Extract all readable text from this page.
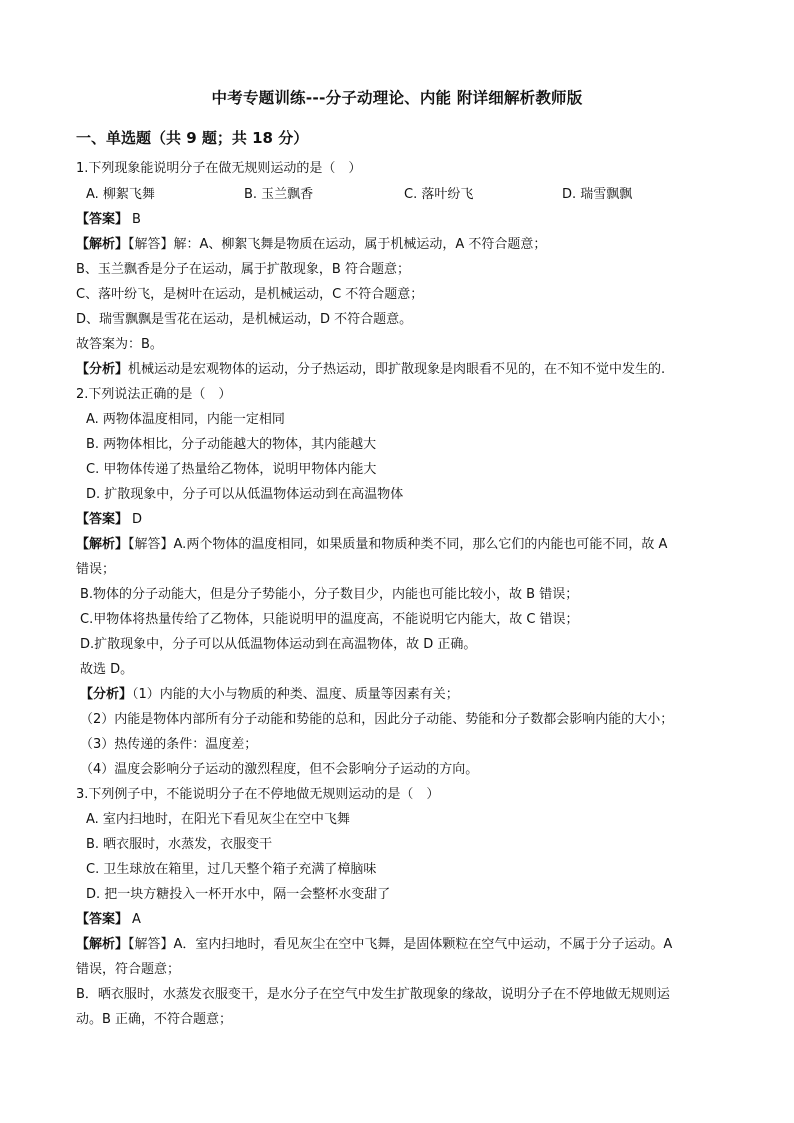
中考专题训练---分子动理论、内能 附详细解析教师版
一、单选题（共 9 题；共 18 分）
1.下列现象能说明分子在做无规则运动的是（　）
A. 柳絮飞舞	B. 玉兰飘香	C. 落叶纷飞	D. 瑞雪飘飘
【答案】 B
【解析】【解答】解：A、柳絮飞舞是物质在运动，属于机械运动，A 不符合题意；
B、玉兰飘香是分子在运动，属于扩散现象，B 符合题意；
C、落叶纷飞，是树叶在运动，是机械运动，C 不符合题意；
D、瑞雪飘飘是雪花在运动，是机械运动，D 不符合题意。
故答案为：B。
【分析】机械运动是宏观物体的运动，分子热运动，即扩散现象是肉眼看不见的，在不知不觉中发生的.
2.下列说法正确的是（　）
A. 两物体温度相同，内能一定相同
B. 两物体相比，分子动能越大的物体，其内能越大
C. 甲物体传递了热量给乙物体，说明甲物体内能大
D. 扩散现象中，分子可以从低温物体运动到在高温物体
【答案】 D
【解析】【解答】A.两个物体的温度相同，如果质量和物质种类不同，那么它们的内能也可能不同，故 A
错误；
B.物体的分子动能大，但是分子势能小，分子数目少，内能也可能比较小，故 B 错误；
C.甲物体将热量传给了乙物体，只能说明甲的温度高，不能说明它内能大，故 C 错误；
D.扩散现象中，分子可以从低温物体运动到在高温物体，故 D 正确。
故选 D。
【分析】（1）内能的大小与物质的种类、温度、质量等因素有关；
（2）内能是物体内部所有分子动能和势能的总和，因此分子动能、势能和分子数都会影响内能的大小；
（3）热传递的条件：温度差；
（4）温度会影响分子运动的激烈程度，但不会影响分子运动的方向。
3.下列例子中，不能说明分子在不停地做无规则运动的是（　）
A. 室内扫地时，在阳光下看见灰尘在空中飞舞
B. 晒衣服时，水蒸发，衣服变干
C. 卫生球放在箱里，过几天整个箱子充满了樟脑味
D. 把一块方糖投入一杯开水中，隔一会整杯水变甜了
【答案】 A
【解析】【解答】A．室内扫地时，看见灰尘在空中飞舞，是固体颗粒在空气中运动，不属于分子运动。A
错误，符合题意；
B．晒衣服时，水蒸发衣服变干，是水分子在空气中发生扩散现象的缘故，说明分子在不停地做无规则运
动。B 正确，不符合题意；
